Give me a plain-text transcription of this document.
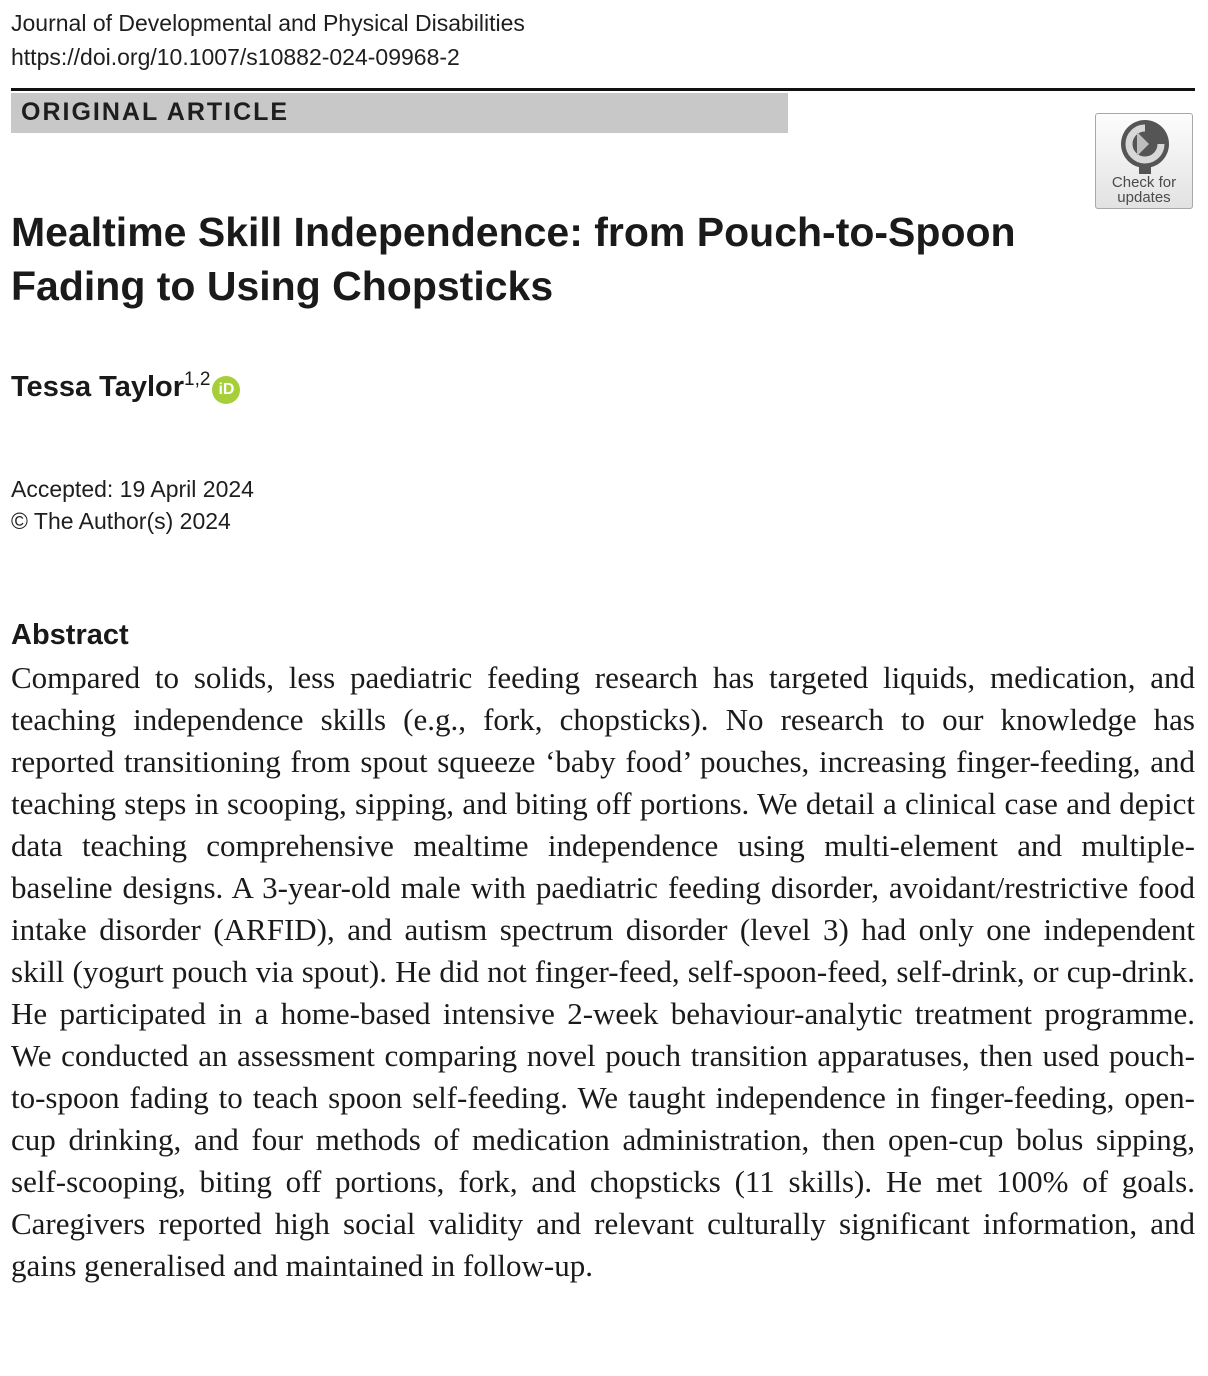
Journal of Developmental and Physical Disabilities
https://doi.org/10.1007/s10882-024-09968-2
ORIGINAL ARTICLE
Check for
updates
Mealtime Skill Independence: from Pouch-to-Spoon Fading to Using Chopsticks
Tessa Taylor$^{1,2}$ iD
Accepted: 19 April 2024
© The Author(s) 2024
Abstract

Compared to solids, less paediatric feeding research has targeted liquids, medication, and teaching independence skills (e.g., fork, chopsticks). No research to our knowledge has reported transitioning from spout squeeze ‘baby food’ pouches, increasing finger-feeding, and teaching steps in scooping, sipping, and biting off portions. We detail a clinical case and depict data teaching comprehensive mealtime independence using multi-element and multiple-baseline designs. A 3-year-old male with paediatric feeding disorder, avoidant/restrictive food intake disorder (ARFID), and autism spectrum disorder (level 3) had only one independent skill (yogurt pouch via spout). He did not finger-feed, self-spoon-feed, self-drink, or cup-drink. He participated in a home-based intensive 2-week behaviour-analytic treatment programme. We conducted an assessment comparing novel pouch transition apparatuses, then used pouch-to-spoon fading to teach spoon self-feeding. We taught independence in finger-feeding, open-cup drinking, and four methods of medication administration, then open-cup bolus sipping, self-scooping, biting off portions, fork, and chopsticks (11 skills). He met 100% of goals. Caregivers reported high social validity and relevant culturally significant information, and gains generalised and maintained in follow-up.
